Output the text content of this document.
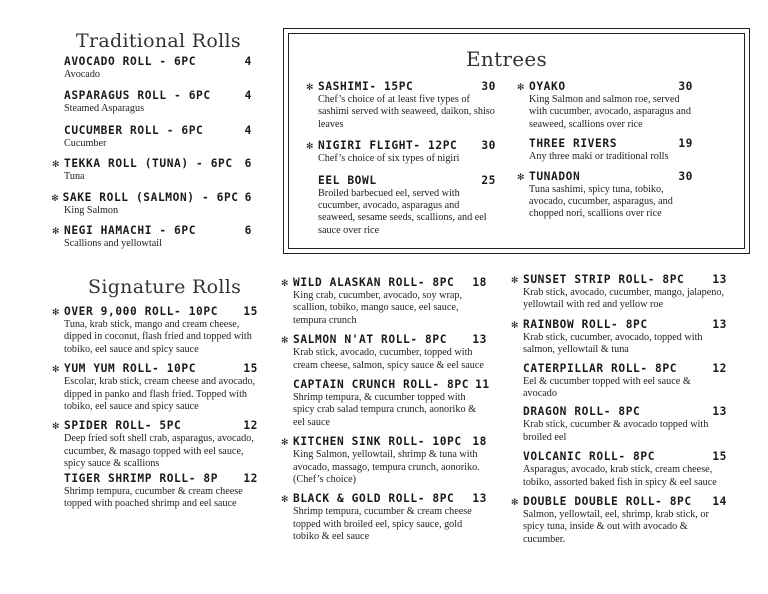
Traditional Rolls
AVOCADO ROLL - 6PC	4
Avocado
ASPARAGUS ROLL - 6PC	4
Steamed Asparagus
CUCUMBER ROLL - 6PC	4
Cucumber
✻ TEKKA ROLL (TUNA) - 6PC	6
Tuna
✻ SAKE ROLL (SALMON) - 6PC 6
King Salmon
✻ NEGI HAMACHI - 6PC	6
Scallions and yellowtail
Entrees
✻ SASHIMI- 15PC	30
Chef’s choice of at least five types of sashimi served with seaweed, daikon, shiso leaves
✻ NIGIRI FLIGHT- 12PC	30
Chef’s choice of six types of nigiri
EEL BOWL	25
Broiled barbecued eel, served with cucumber, avocado, asparagus and seaweed, sesame seeds, scallions, and eel sauce over rice
✻ OYAKO	30
King Salmon and salmon roe, served with cucumber, avocado, asparagus and seaweed, scallions over rice
THREE RIVERS	19
Any three maki or traditional rolls
✻ TUNADON	30
Tuna sashimi, spicy tuna, tobiko, avocado, cucumber, asparagus, and chopped nori, scallions over rice
Signature Rolls
✻ OVER 9,000 ROLL- 10PC	15
Tuna, krab stick, mango and cream cheese, dipped in coconut, flash fried and topped with tobiko, eel sauce and spicy sauce
✻ YUM YUM ROLL- 10PC	15
Escolar, krab stick, cream cheese and avocado, dipped in panko and flash fried. Topped with tobiko, eel sauce and spicy sauce
✻ SPIDER ROLL- 5PC	12
Deep fried soft shell crab, asparagus, avocado, cucumber, & masago topped with eel sauce, spicy sauce & scallions
TIGER SHRIMP ROLL- 8P	12
Shrimp tempura, cucumber & cream cheese topped with poached shrimp and eel sauce
✻ WILD ALASKAN ROLL- 8PC	18
King crab, cucumber, avocado, soy wrap, scallion, tobiko, mango sauce, eel sauce, tempura crunch
✻ SALMON N'AT ROLL- 8PC	13
Krab stick, avocado, cucumber, topped with cream cheese, salmon, spicy sauce & eel sauce
CAPTAIN CRUNCH ROLL- 8PC 11
Shrimp tempura, & cucumber topped with spicy crab salad tempura crunch, aonoriko & eel sauce
✻ KITCHEN SINK ROLL- 10PC 18
King Salmon, yellowtail, shrimp & tuna with avocado, massago, tempura crunch, aonoriko. (Chef’s choice)
✻ BLACK & GOLD ROLL- 8PC	13
Shrimp tempura, cucumber & cream cheese topped with broiled eel, spicy sauce, gold tobiko & eel sauce
✻ SUNSET STRIP ROLL- 8PC	13
Krab stick, avocado, cucumber, mango, jalapeno, yellowtail with red and yellow roe
✻ RAINBOW ROLL- 8PC	13
Krab stick, cucumber, avocado, topped with salmon, yellowtail & tuna
CATERPILLAR ROLL- 8PC	12
Eel & cucumber topped with eel sauce & avocado
DRAGON ROLL- 8PC	13
Krab stick, cucumber & avocado topped with broiled eel
VOLCANIC ROLL- 8PC	15
Asparagus, avocado, krab stick, cream cheese, tobiko, assorted baked fish in spicy & eel sauce
✻ DOUBLE DOUBLE ROLL- 8PC	14
Salmon, yellowtail, eel, shrimp, krab stick, or spicy tuna, inside & out with avocado & cucumber.
